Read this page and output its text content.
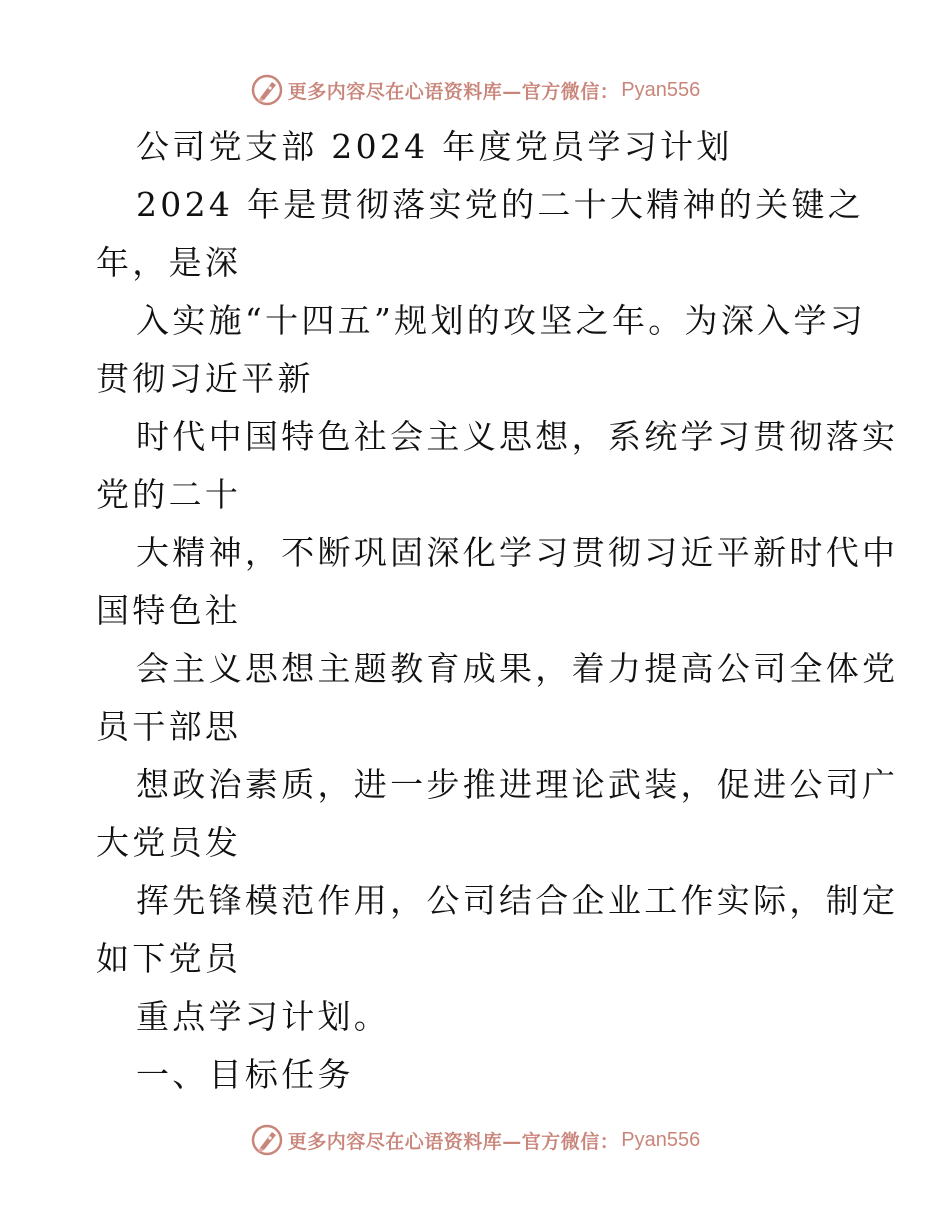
更多内容尽在心语资料库—官方微信： Pyan556
公司党支部 2024 年度党员学习计划
2024 年是贯彻落实党的二十大精神的关键之
年，是深
入实施“十四五”规划的攻坚之年。为深入学习
贯彻习近平新
时代中国特色社会主义思想，系统学习贯彻落实
党的二十
大精神，不断巩固深化学习贯彻习近平新时代中
国特色社
会主义思想主题教育成果，着力提高公司全体党
员干部思
想政治素质，进一步推进理论武装，促进公司广
大党员发
挥先锋模范作用，公司结合企业工作实际，制定
如下党员
重点学习计划。
一、目标任务
更多内容尽在心语资料库—官方微信： Pyan556
